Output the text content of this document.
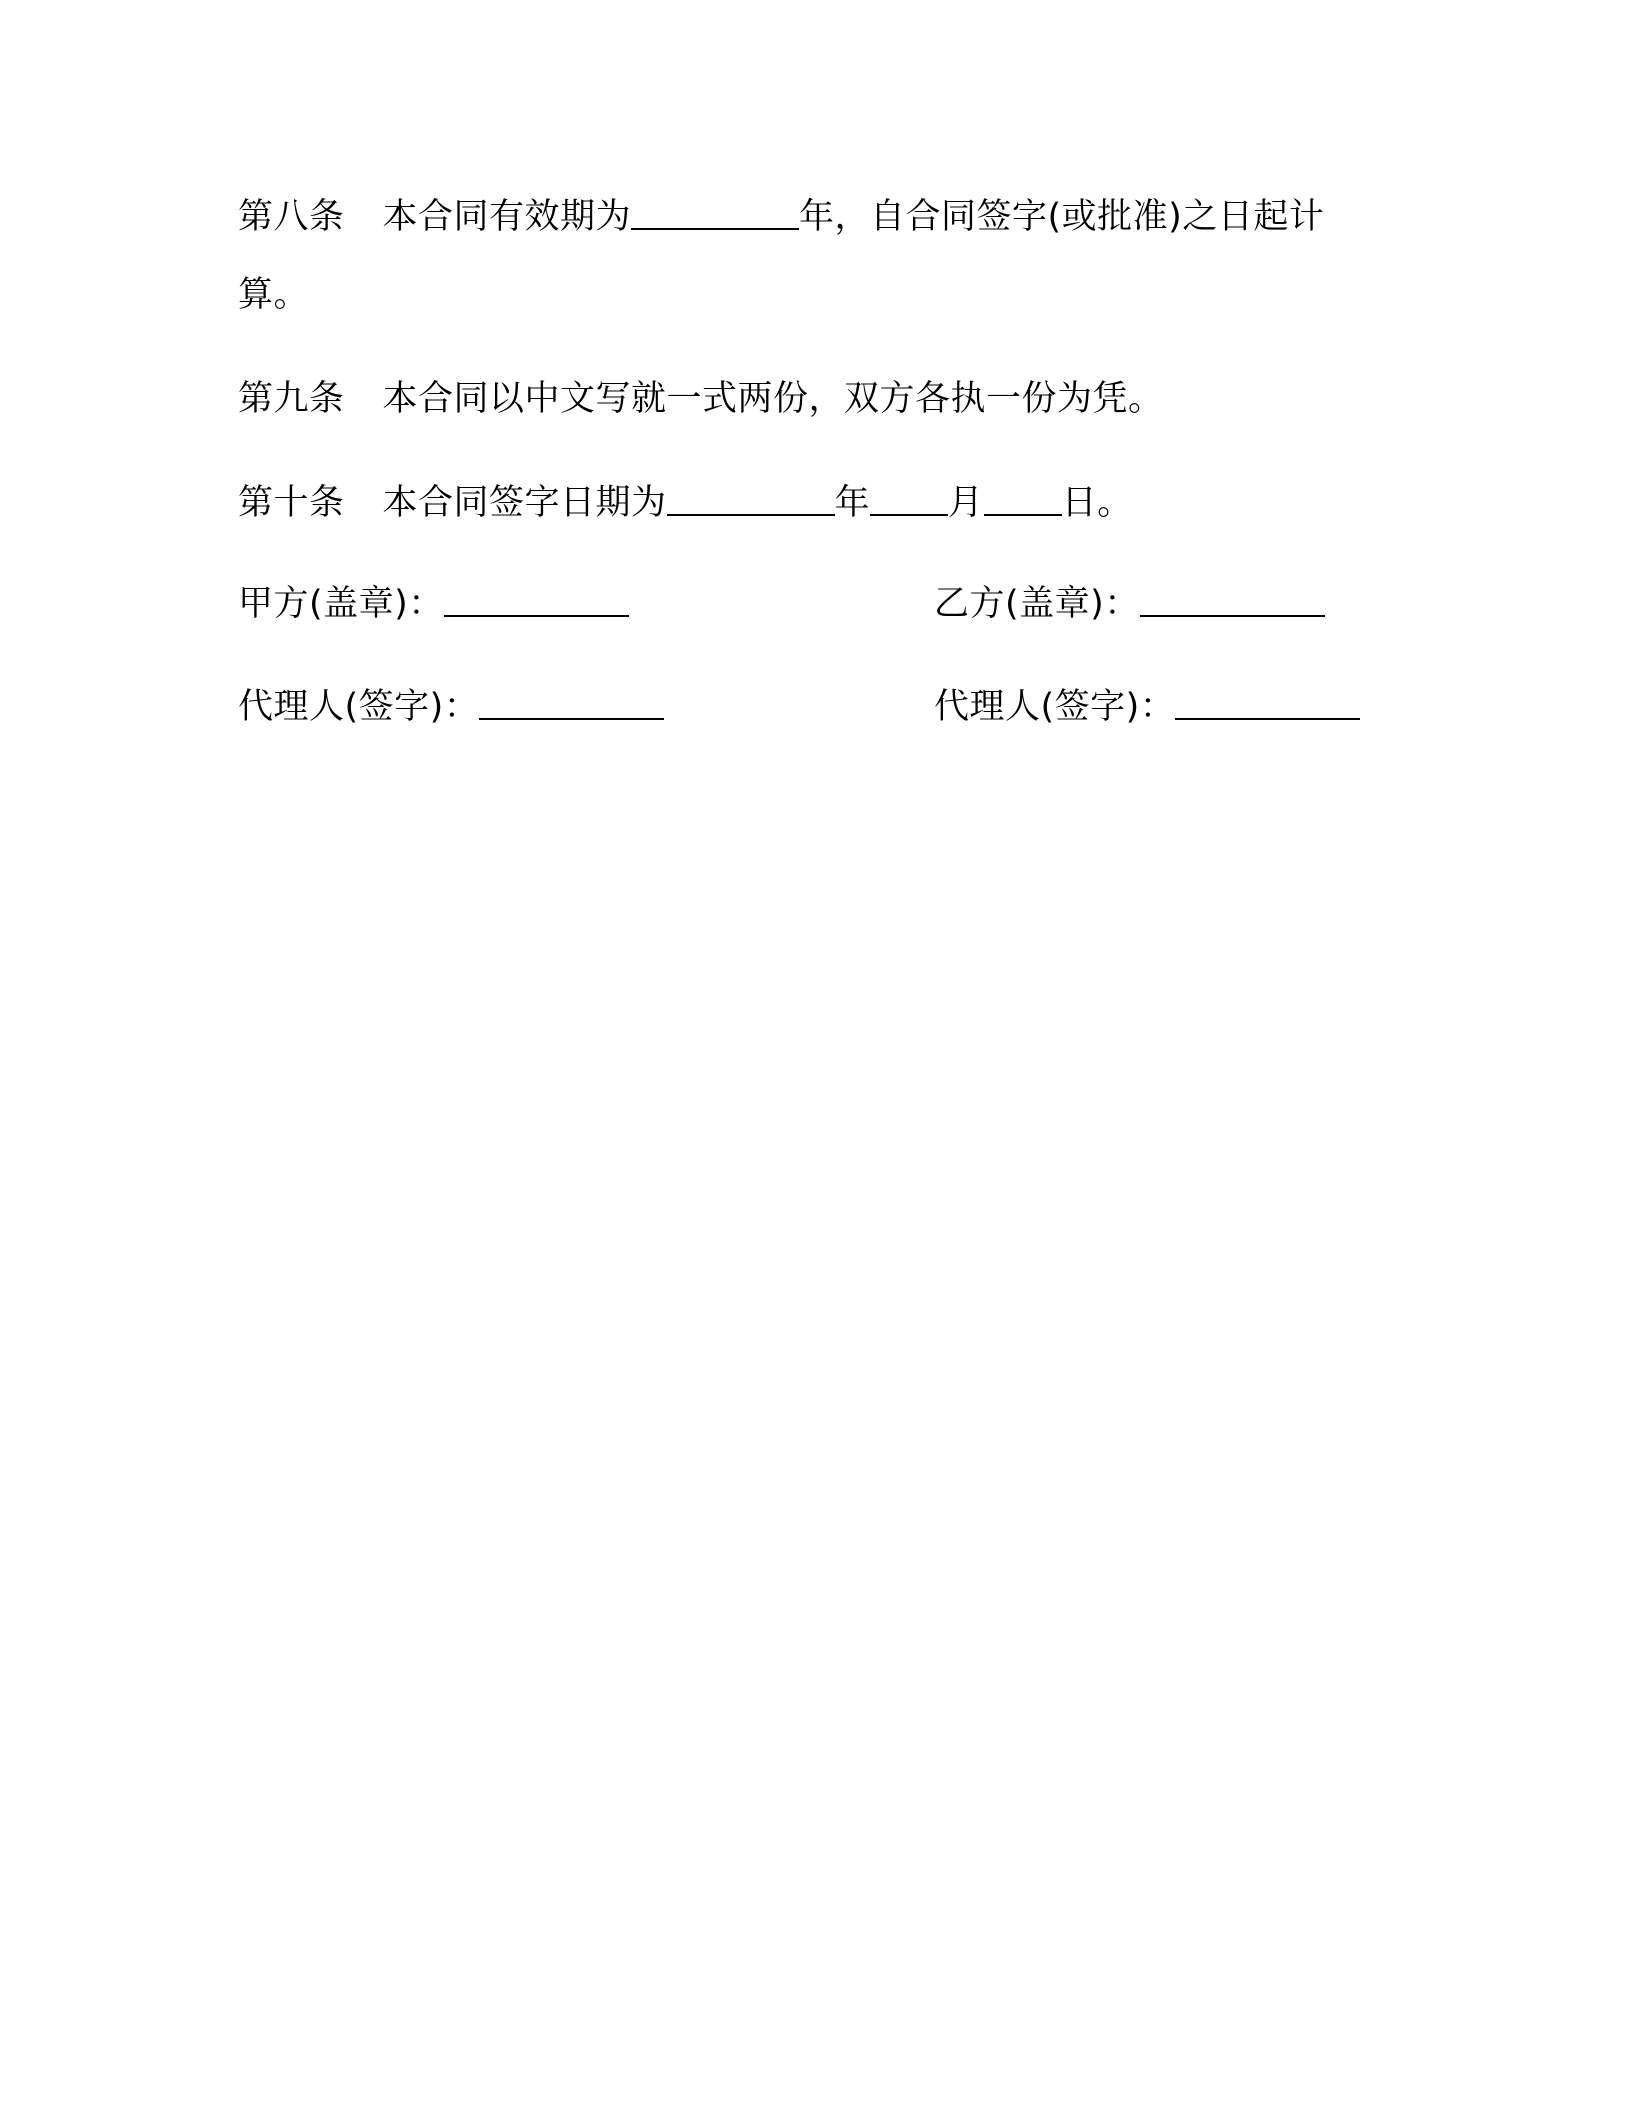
第八条 本合同有效期为	年，自合同签字(或批准)之日起计
算。
第九条 本合同以中文写就一式两份，双方各执一份为凭。
第十条 本合同签字日期为	年 月 日。
甲方(盖章)：	乙方(盖章)：
代理人(签字)：	代理人(签字)：
